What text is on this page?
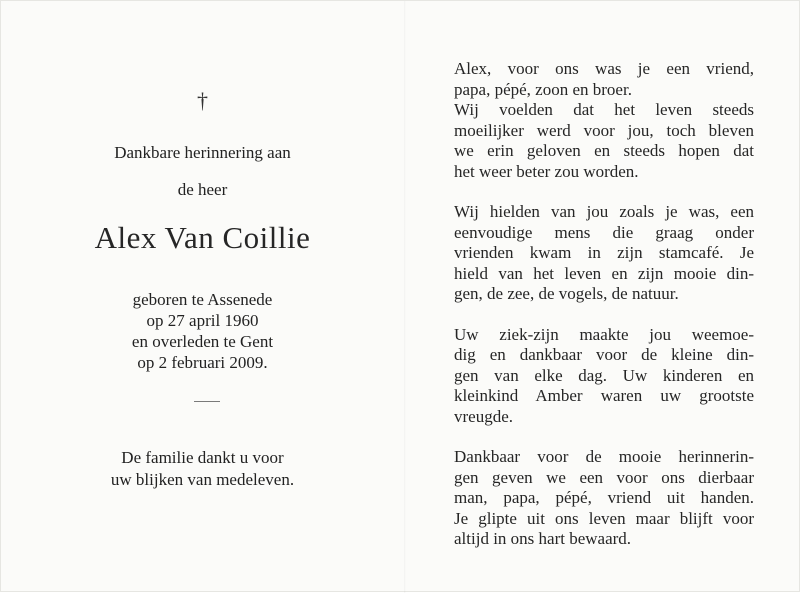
†
Dankbare herinnering aan
de heer
Alex Van Coillie
geboren te Assenede
op 27 april 1960
en overleden te Gent
op 2 februari 2009.
De familie dankt u voor
uw blijken van medeleven.
Alex, voor ons was je een vriend,
papa, pépé, zoon en broer.
Wij voelden dat het leven steeds
moeilijker werd voor jou, toch bleven
we erin geloven en steeds hopen dat
het weer beter zou worden.
Wij hielden van jou zoals je was, een
eenvoudige mens die graag onder
vrienden kwam in zijn stamcafé. Je
hield van het leven en zijn mooie din-
gen, de zee, de vogels, de natuur.
Uw ziek-zijn maakte jou weemoe-
dig en dankbaar voor de kleine din-
gen van elke dag. Uw kinderen en
kleinkind Amber waren uw grootste
vreugde.
Dankbaar voor de mooie herinnerin-
gen geven we een voor ons dierbaar
man, papa, pépé, vriend uit handen.
Je glipte uit ons leven maar blijft voor
altijd in ons hart bewaard.
